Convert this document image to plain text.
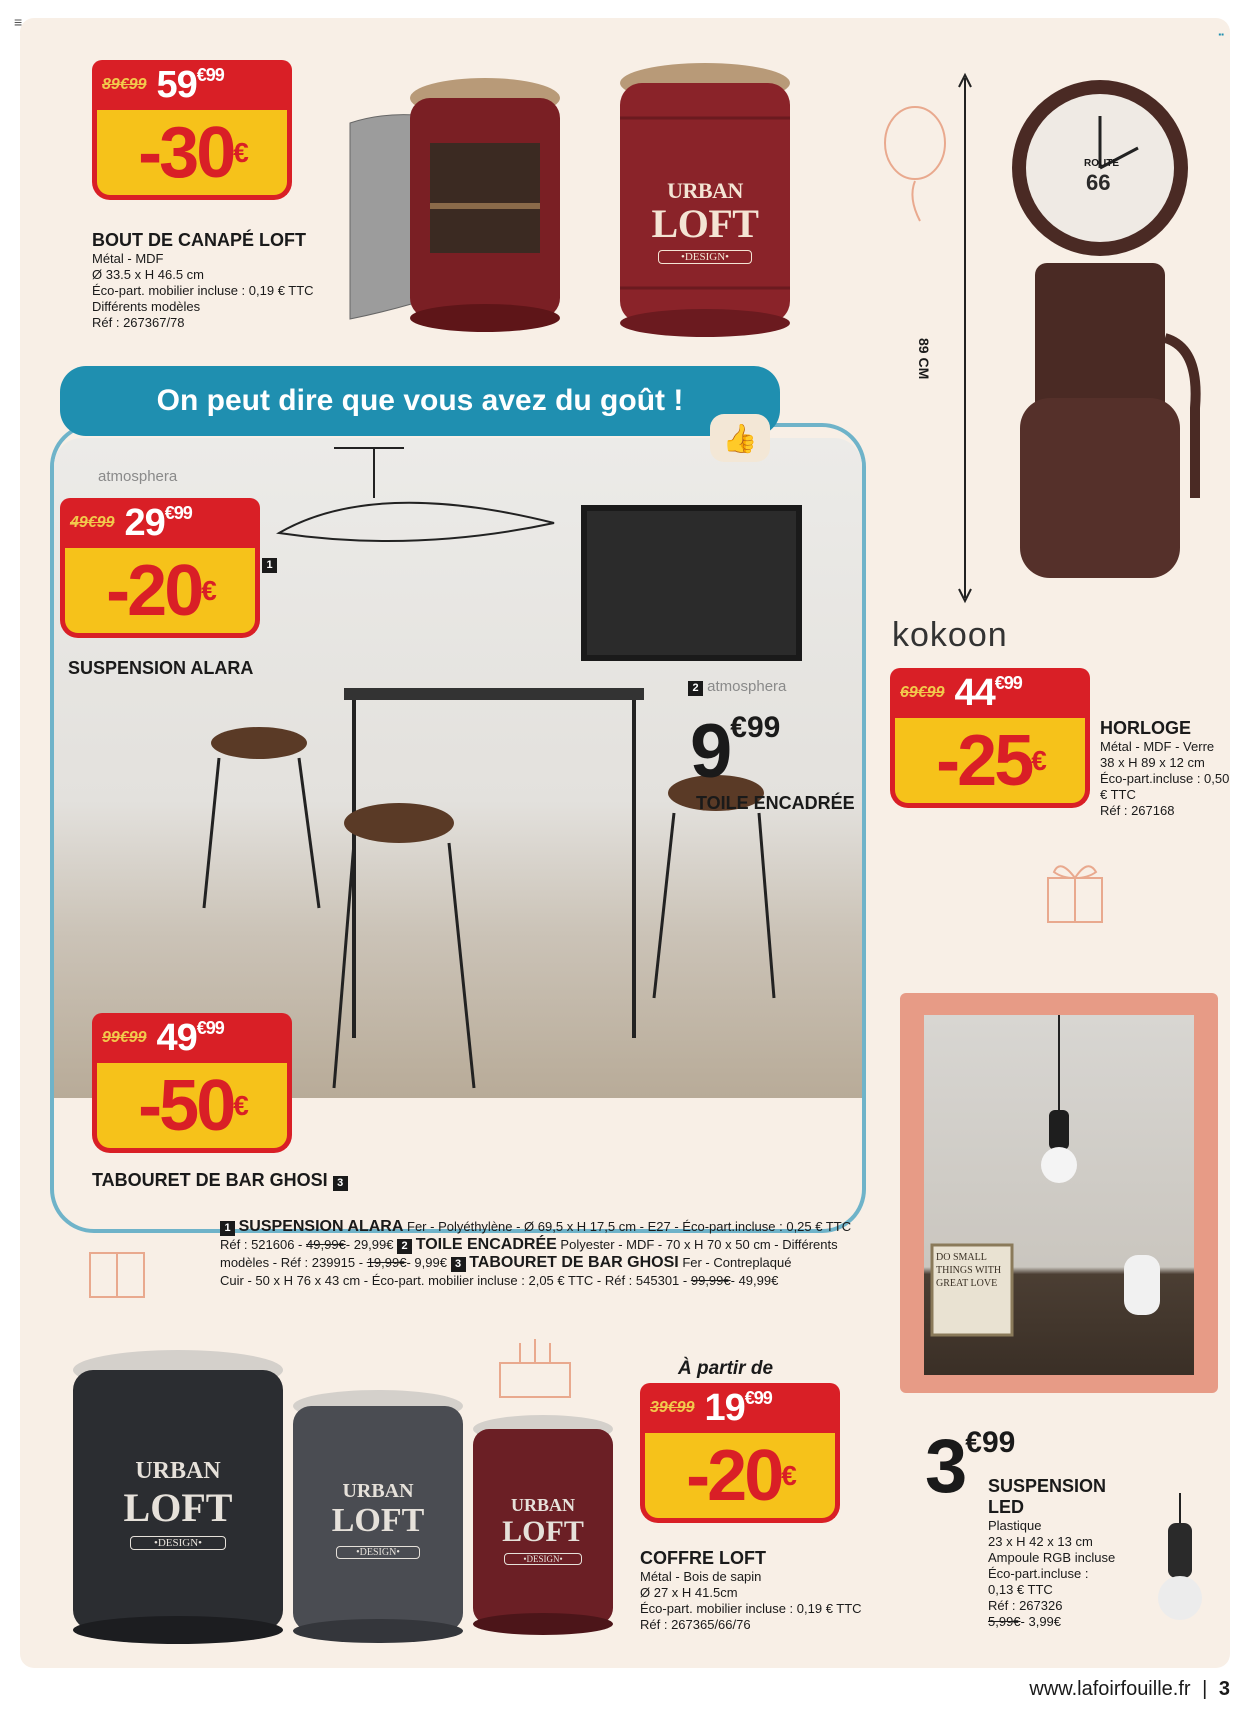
≡
▪▪
89€99 $59^{€99}$
-30 €
BOUT DE CANAPÉ LOFT
Métal - MDF
Ø 33.5 x H 46.5 cm
Éco-part. mobilier incluse : 0,19 € TTC
Différents modèles
Réf : 267367/78
URBAN
LOFT
•DESIGN•
89 CM
ROUTE
66
kokoon
69€99 $44^{€99}$
-25 €
HORLOGE
Métal - MDF - Verre
38 x H 89 x 12 cm
Éco-part.incluse : 0,50
€ TTC
Réf : 267168
On peut dire que vous avez du goût !
👍
atmosphera
2 atmosphera
49€99 $29^{€99}$
-20 €
1
SUSPENSION ALARA
$9^{€99}$
TOILE ENCADRÉE
99€99 $49^{€99}$
-50 €
TABOURET DE BAR GHOSI 3
1 SUSPENSION ALARA Fer - Polyéthylène - Ø 69,5 x H 17,5 cm - E27 - Éco-part.incluse : 0,25 € TTC
Réf : 521606 - 49,99€- 29,99€ 2 TOILE ENCADRÉE Polyester - MDF - 70 x H 70 x 50 cm - Différents
modèles - Réf : 239915 - 19,99€- 9,99€ 3 TABOURET DE BAR GHOSI Fer - Contreplaqué
Cuir - 50 x H 76 x 43 cm - Éco-part. mobilier incluse : 2,05 € TTC - Réf : 545301 - 99,99€- 49,99€
URBAN
LOFT
•DESIGN•
URBAN
LOFT
•DESIGN•
URBAN
LOFT
•DESIGN•
À partir de
39€99 $19^{€99}$
-20 €
COFFRE LOFT
Métal - Bois de sapin
Ø 27 x H 41.5cm
Éco-part. mobilier incluse : 0,19 € TTC
Réf : 267365/66/76
DO SMALL THINGS WITH GREAT LOVE
$3^{€99}$
SUSPENSION LED
Plastique
23 x H 42 x 13 cm
Ampoule RGB incluse
Éco-part.incluse :
0,13 € TTC
Réf : 267326
5,99€- 3,99€
www.lafoirfouille.fr | 3
